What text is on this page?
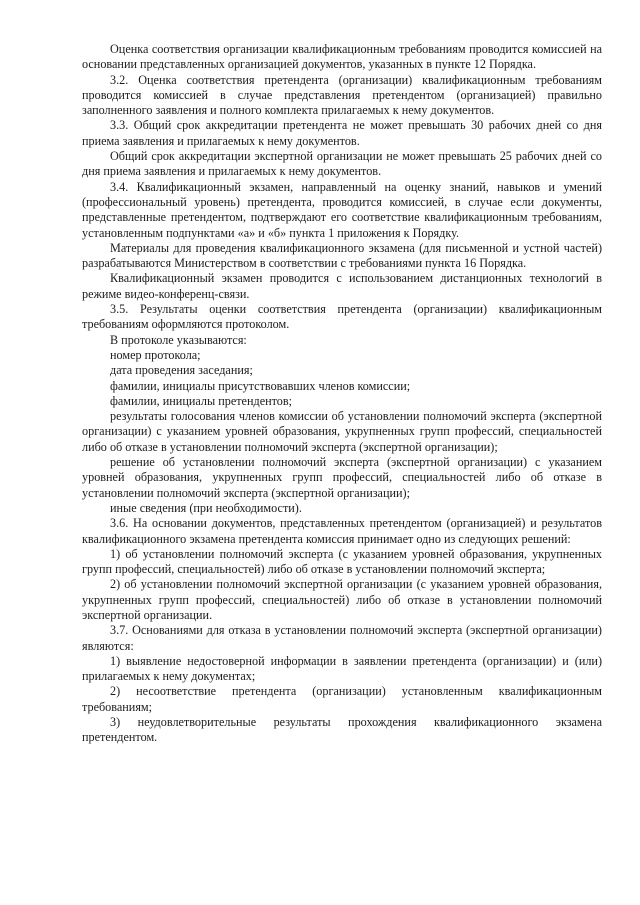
Оценка соответствия организации квалификационным требованиям проводится комиссией на основании представленных организацией документов, указанных в пункте 12 Порядка.

3.2. Оценка соответствия претендента (организации) квалификационным требованиям проводится комиссией в случае представления претендентом (организацией) правильно заполненного заявления и полного комплекта прилагаемых к нему документов.

3.3. Общий срок аккредитации претендента не может превышать 30 рабочих дней со дня приема заявления и прилагаемых к нему документов.

Общий срок аккредитации экспертной организации не может превышать 25 рабочих дней со дня приема заявления и прилагаемых к нему документов.

3.4. Квалификационный экзамен, направленный на оценку знаний, навыков и умений (профессиональный уровень) претендента, проводится комиссией, в случае если документы, представленные претендентом, подтверждают его соответствие квалификационным требованиям, установленным подпунктами «а» и «б» пункта 1 приложения к Порядку.

Материалы для проведения квалификационного экзамена (для письменной и устной частей) разрабатываются Министерством в соответствии с требованиями пункта 16 Порядка.

Квалификационный экзамен проводится с использованием дистанционных технологий в режиме видео-конференц-связи.

3.5. Результаты оценки соответствия претендента (организации) квалификационным требованиям оформляются протоколом.

В протоколе указываются:

номер протокола;

дата проведения заседания;

фамилии, инициалы присутствовавших членов комиссии;

фамилии, инициалы претендентов;

результаты голосования членов комиссии об установлении полномочий эксперта (экспертной организации) с указанием уровней образования, укрупненных групп профессий, специальностей либо об отказе в установлении полномочий эксперта (экспертной организации);

решение об установлении полномочий эксперта (экспертной организации) с указанием уровней образования, укрупненных групп профессий, специальностей либо об отказе в установлении полномочий эксперта (экспертной организации);

иные сведения (при необходимости).

3.6. На основании документов, представленных претендентом (организацией) и результатов квалификационного экзамена претендента комиссия принимает одно из следующих решений:

1) об установлении полномочий эксперта (с указанием уровней образования, укрупненных групп профессий, специальностей) либо об отказе в установлении полномочий эксперта;

2) об установлении полномочий экспертной организации (с указанием уровней образования, укрупненных групп профессий, специальностей) либо об отказе в установлении полномочий экспертной организации.

3.7. Основаниями для отказа в установлении полномочий эксперта (экспертной организации) являются:

1) выявление недостоверной информации в заявлении претендента (организации) и (или) прилагаемых к нему документах;

2) несоответствие претендента (организации) установленным квалификационным требованиям;

3) неудовлетворительные результаты прохождения квалификационного экзамена претендентом.
